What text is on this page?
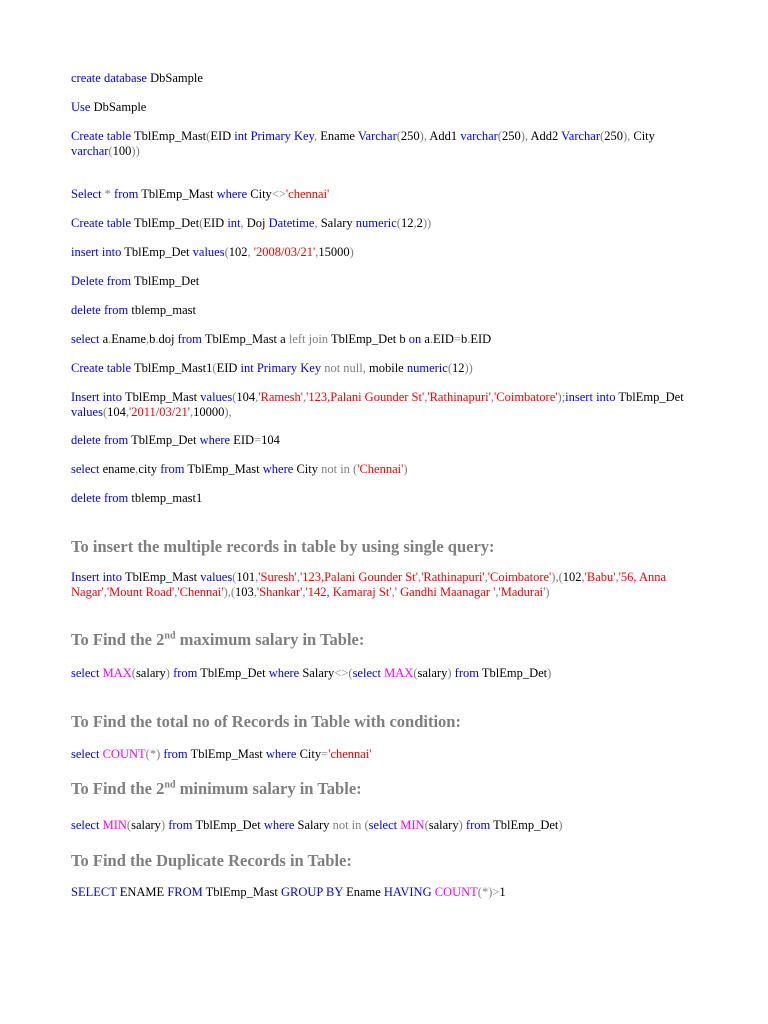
create database DbSample
Use DbSample
Create table TblEmp_Mast(EID int Primary Key, Ename Varchar(250), Add1 varchar(250), Add2 Varchar(250), City varchar(100))
Select * from TblEmp_Mast where City<>'chennai'
Create table TblEmp_Det(EID int, Doj Datetime, Salary numeric(12,2))
insert into TblEmp_Det values(102, '2008/03/21',15000)
Delete from TblEmp_Det
delete from tblemp_mast
select a.Ename,b.doj from TblEmp_Mast a left join TblEmp_Det b on a.EID=b.EID
Create table TblEmp_Mast1(EID int Primary Key not null, mobile numeric(12))
Insert into TblEmp_Mast values(104,'Ramesh','123,Palani Gounder St','Rathinapuri','Coimbatore');insert into TblEmp_Det values(104,'2011/03/21',10000),
delete from TblEmp_Det where EID=104
select ename,city from TblEmp_Mast where City not in ('Chennai')
delete from tblemp_mast1
Insert into TblEmp_Mast values(101,'Suresh','123,Palani Gounder St','Rathinapuri','Coimbatore'),(102,'Babu','56, Anna Nagar','Mount Road','Chennai'),(103,'Shankar','142, Kamaraj St',' Gandhi Maanagar ','Madurai')
select MAX(salary) from TblEmp_Det where Salary<>(select MAX(salary) from TblEmp_Det)
select COUNT(*) from TblEmp_Mast where City='chennai'
select MIN(salary) from TblEmp_Det where Salary not in (select MIN(salary) from TblEmp_Det)
SELECT ENAME FROM TblEmp_Mast GROUP BY Ename HAVING COUNT(*)>1
To insert the multiple records in table by using single query:
To Find the 2nd maximum salary in Table:
To Find the total no of Records in Table with condition:
To Find the 2nd minimum salary in Table:
To Find the Duplicate Records in Table:
